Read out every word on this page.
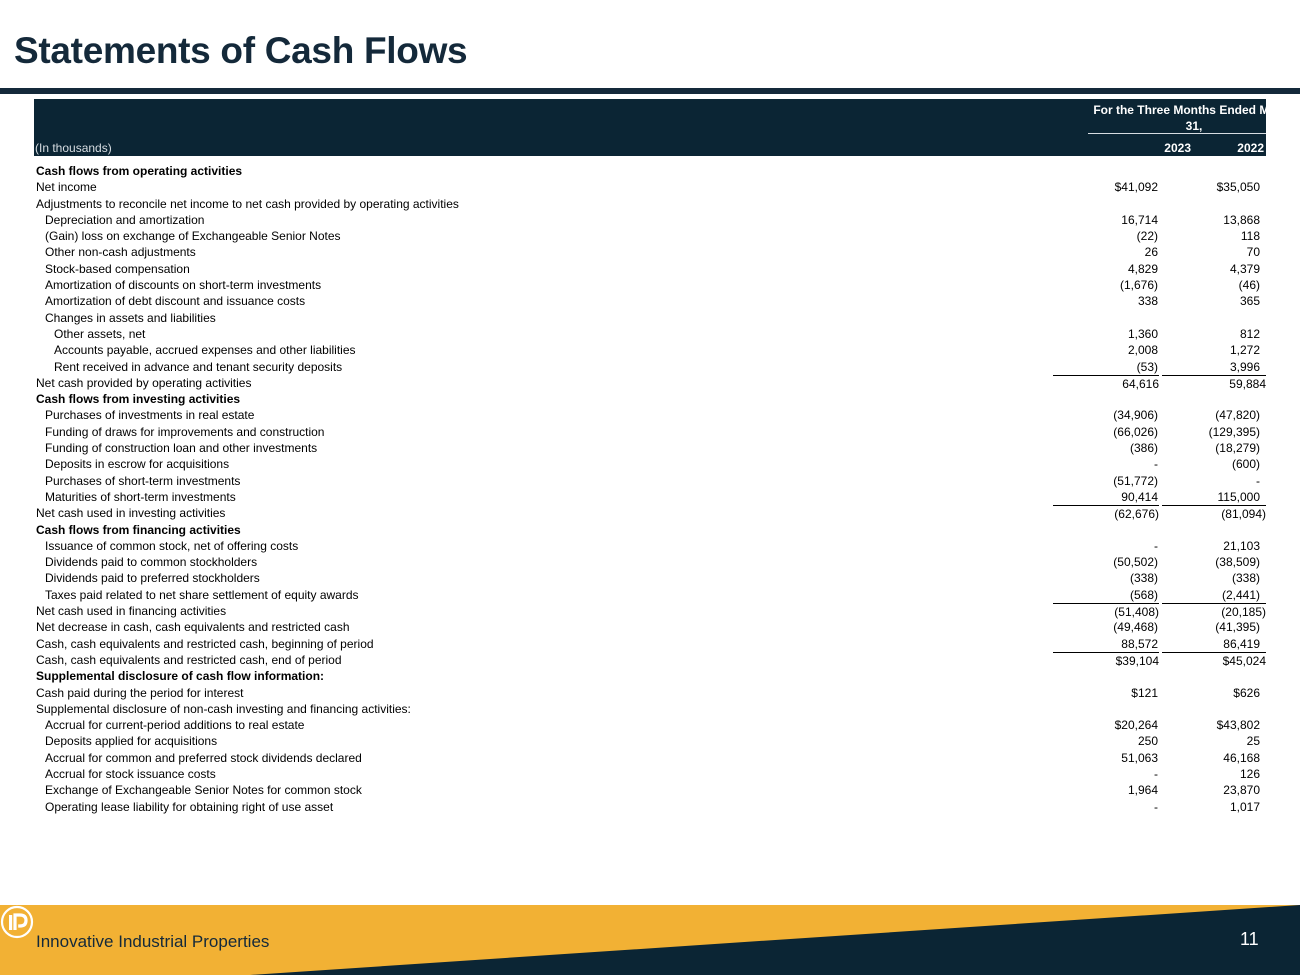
Statements of Cash Flows
For the Three Months Ended March 31,
(In thousands)	2023	2022
Cash flows from operating activities
Net income	$41,092	$35,050
Adjustments to reconcile net income to net cash provided by operating activities
Depreciation and amortization	16,714	13,868
(Gain) loss on exchange of Exchangeable Senior Notes	(22)	118
Other non-cash adjustments	26	70
Stock-based compensation	4,829	4,379
Amortization of discounts on short-term investments	(1,676)	(46)
Amortization of debt discount and issuance costs	338	365
Changes in assets and liabilities
Other assets, net	1,360	812
Accounts payable, accrued expenses and other liabilities	2,008	1,272
Rent received in advance and tenant security deposits	(53)	3,996
Net cash provided by operating activities	64,616	59,884
Cash flows from investing activities
Purchases of investments in real estate	(34,906)	(47,820)
Funding of draws for improvements and construction	(66,026)	(129,395)
Funding of construction loan and other investments	(386)	(18,279)
Deposits in escrow for acquisitions	-	(600)
Purchases of short-term investments	(51,772)	-
Maturities of short-term investments	90,414	115,000
Net cash used in investing activities	(62,676)	(81,094)
Cash flows from financing activities
Issuance of common stock, net of offering costs	-	21,103
Dividends paid to common stockholders	(50,502)	(38,509)
Dividends paid to preferred stockholders	(338)	(338)
Taxes paid related to net share settlement of equity awards	(568)	(2,441)
Net cash used in financing activities	(51,408)	(20,185)
Net decrease in cash, cash equivalents and restricted cash	(49,468)	(41,395)
Cash, cash equivalents and restricted cash, beginning of period	88,572	86,419
Cash, cash equivalents and restricted cash, end of period	$39,104	$45,024
Supplemental disclosure of cash flow information:
Cash paid during the period for interest	$121	$626
Supplemental disclosure of non-cash investing and financing activities:
Accrual for current-period additions to real estate	$20,264	$43,802
Deposits applied for acquisitions	250	25
Accrual for common and preferred stock dividends declared	51,063	46,168
Accrual for stock issuance costs	-	126
Exchange of Exchangeable Senior Notes for common stock	1,964	23,870
Operating lease liability for obtaining right of use asset	-	1,017
Innovative Industrial Properties	11
